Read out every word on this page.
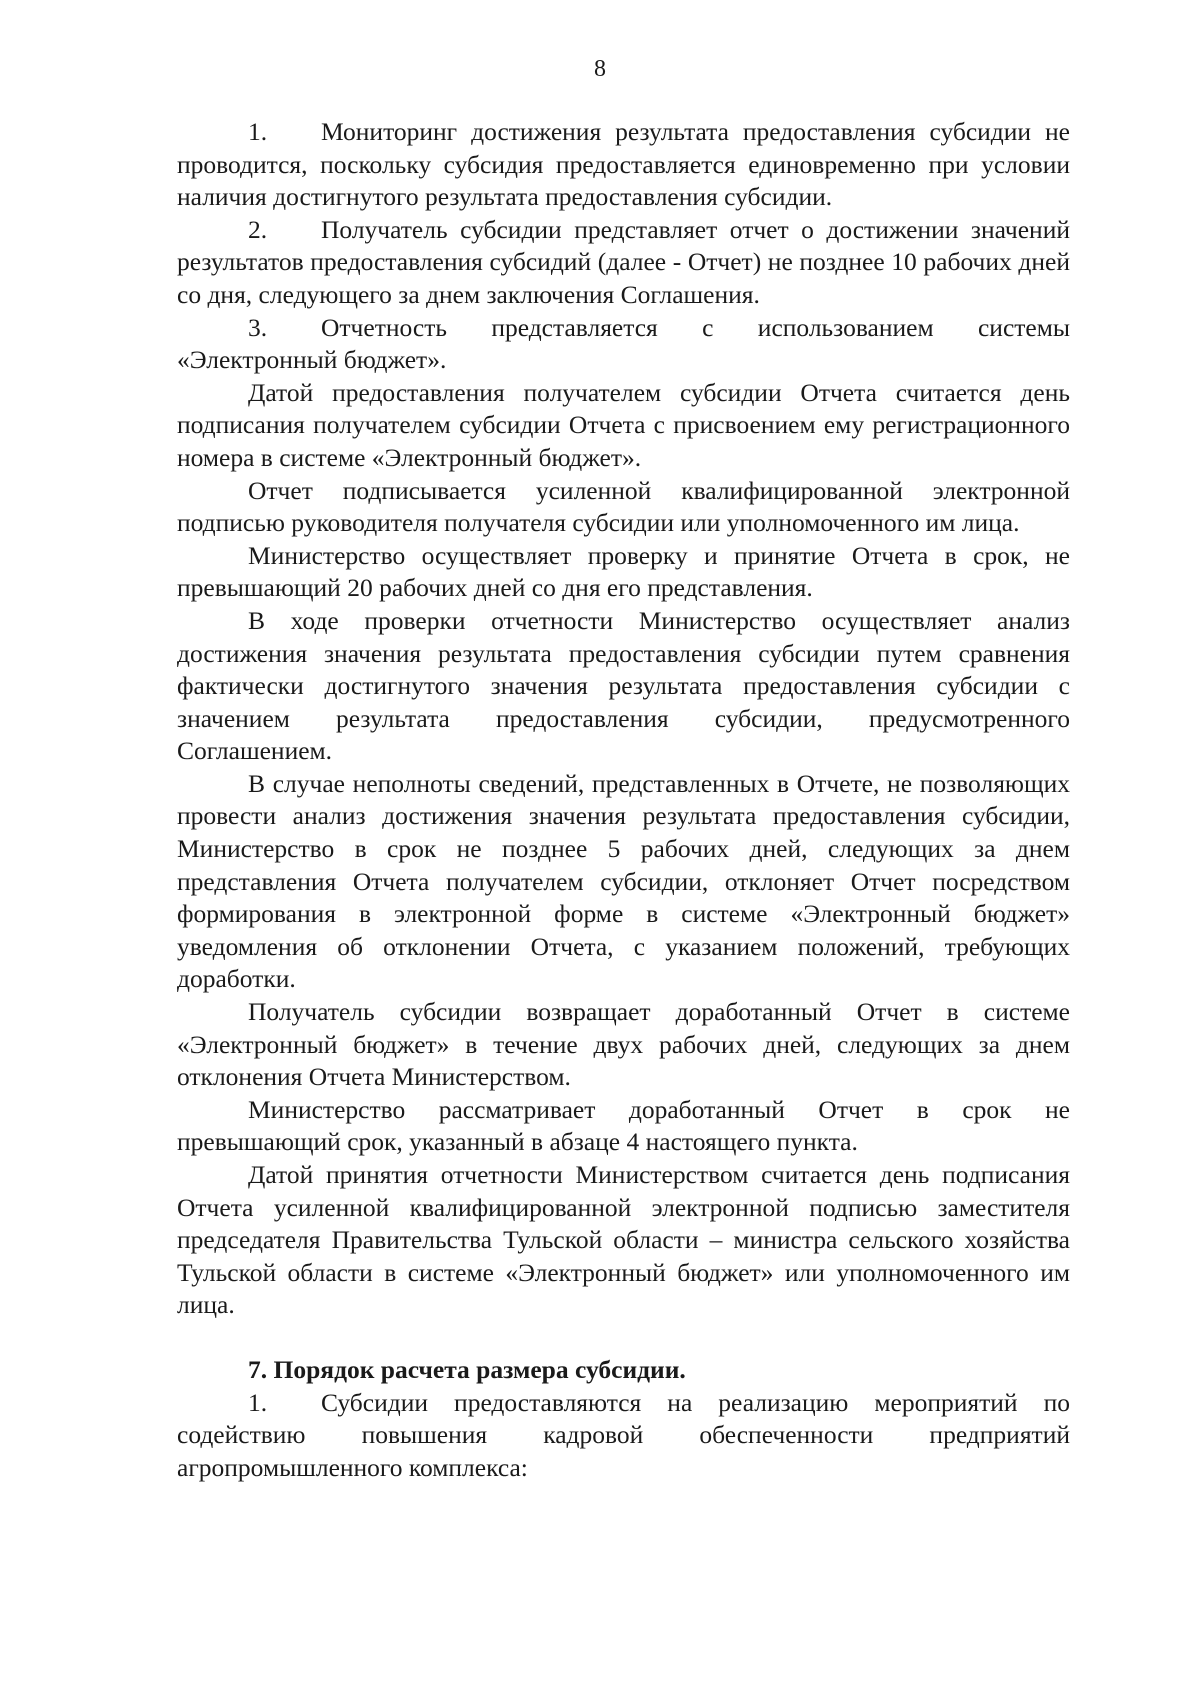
8

1. Мониторинг достижения результата предоставления субсидии не проводится, поскольку субсидия предоставляется единовременно при условии наличия достигнутого результата предоставления субсидии.

2. Получатель субсидии представляет отчет о достижении значений результатов предоставления субсидий (далее - Отчет) не позднее 10 рабочих дней со дня, следующего за днем заключения Соглашения.

3. Отчетность представляется с использованием системы «Электронный бюджет».

Датой предоставления получателем субсидии Отчета считается день подписания получателем субсидии Отчета с присвоением ему регистрационного номера в системе «Электронный бюджет».

Отчет подписывается усиленной квалифицированной электронной подписью руководителя получателя субсидии или уполномоченного им лица.

Министерство осуществляет проверку и принятие Отчета в срок, не превышающий 20 рабочих дней со дня его представления.

В ходе проверки отчетности Министерство осуществляет анализ достижения значения результата предоставления субсидии путем сравнения фактически достигнутого значения результата предоставления субсидии с значением результата предоставления субсидии, предусмотренного Соглашением.

В случае неполноты сведений, представленных в Отчете, не позволяющих провести анализ достижения значения результата предоставления субсидии, Министерство в срок не позднее 5 рабочих дней, следующих за днем представления Отчета получателем субсидии, отклоняет Отчет посредством формирования в электронной форме в системе «Электронный бюджет» уведомления об отклонении Отчета, с указанием положений, требующих доработки.

Получатель субсидии возвращает доработанный Отчет в системе «Электронный бюджет» в течение двух рабочих дней, следующих за днем отклонения Отчета Министерством.

Министерство рассматривает доработанный Отчет в срок не превышающий срок, указанный в абзаце 4 настоящего пункта.

Датой принятия отчетности Министерством считается день подписания Отчета усиленной квалифицированной электронной подписью заместителя председателя Правительства Тульской области – министра сельского хозяйства Тульской области в системе «Электронный бюджет» или уполномоченного им лица.

7. Порядок расчета размера субсидии.

1. Субсидии предоставляются на реализацию мероприятий по содействию повышения кадровой обеспеченности предприятий агропромышленного комплекса:
